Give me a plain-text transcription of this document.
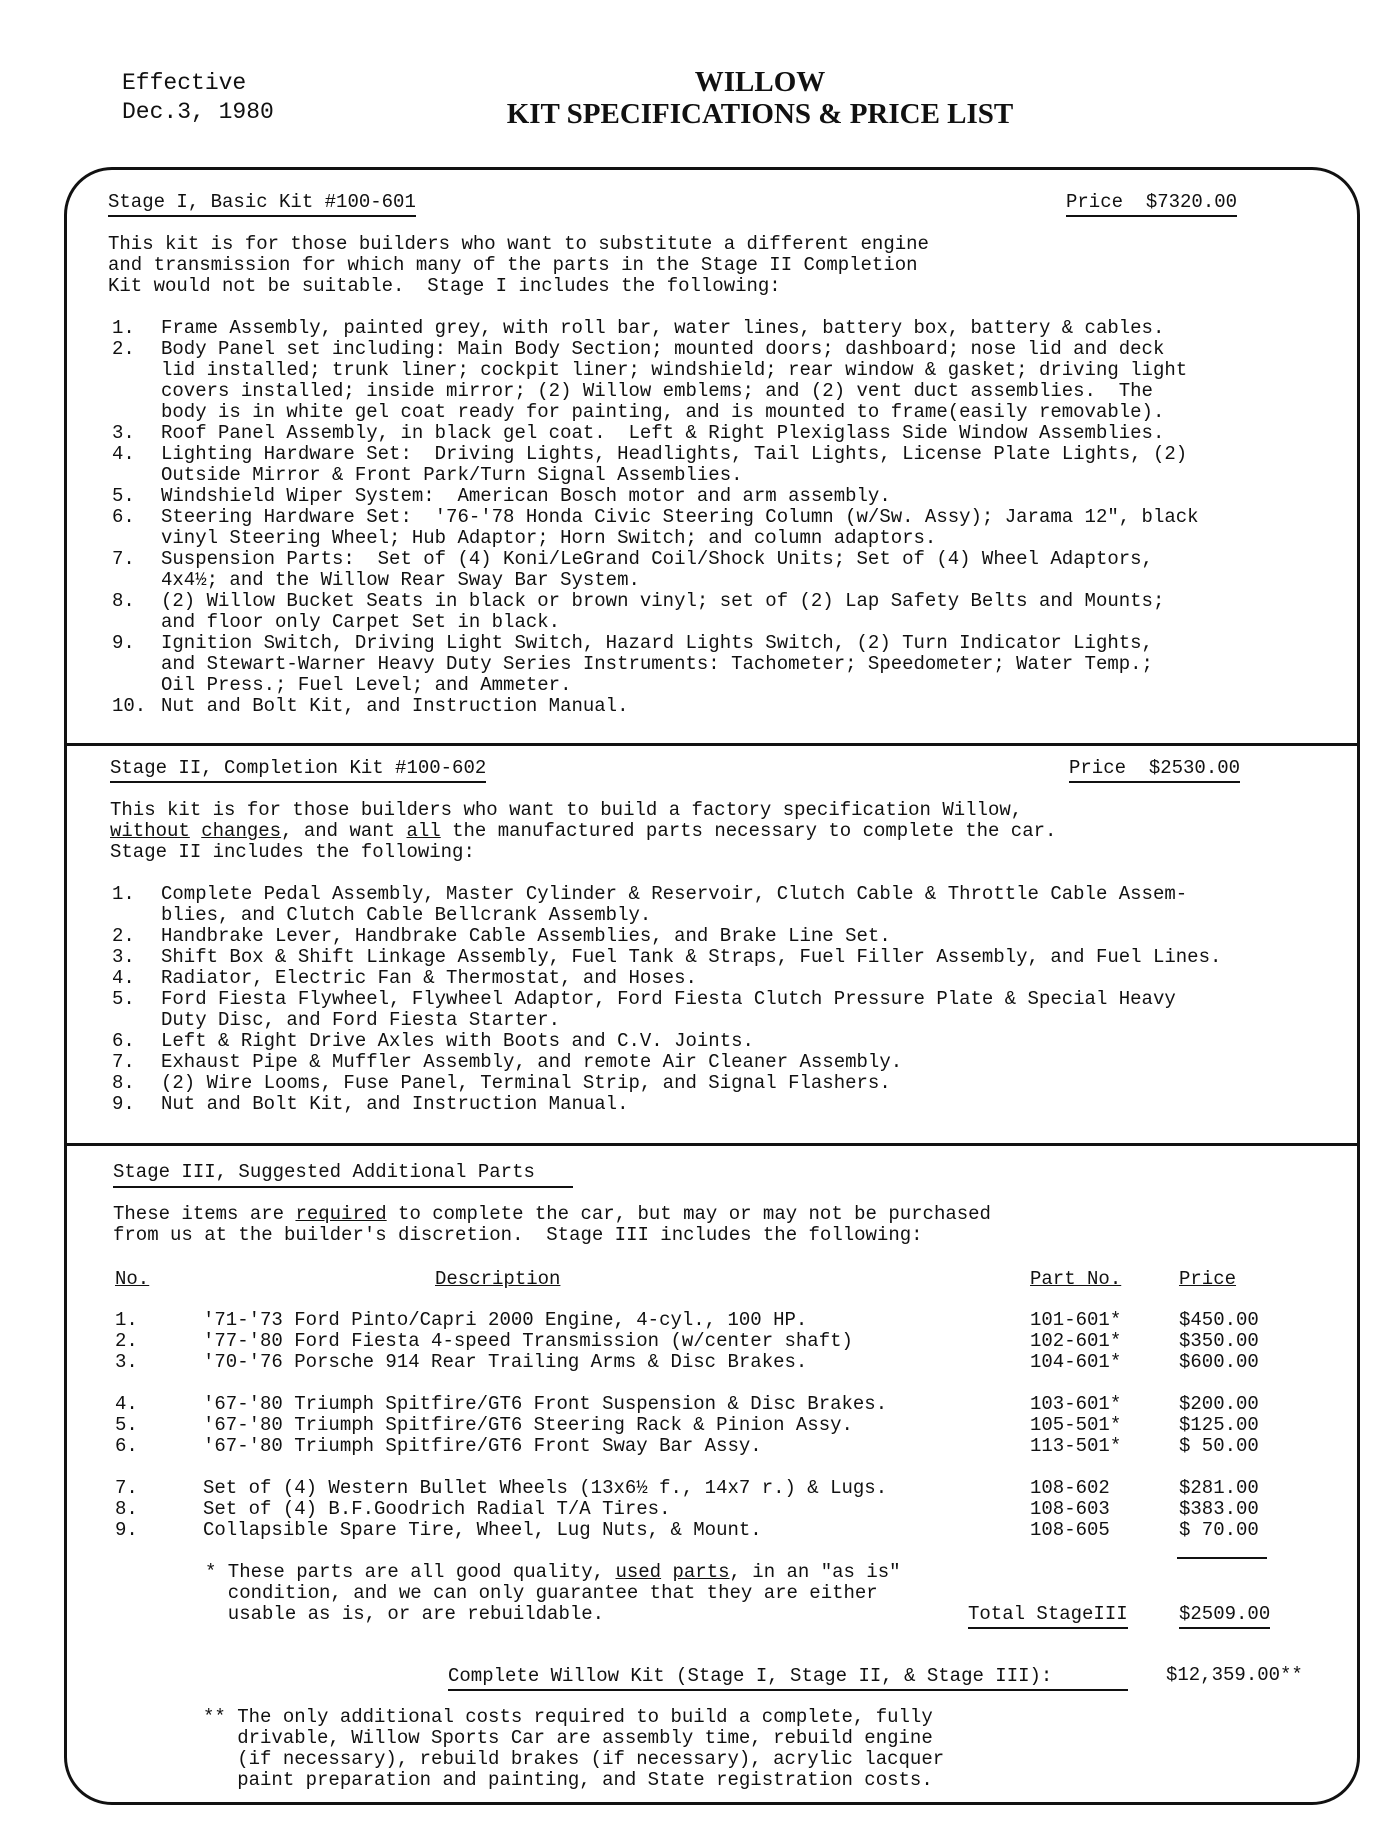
Effective
Dec.3, 1980
WILLOW
KIT SPECIFICATIONS & PRICE LIST
Stage I, Basic Kit #100-601	Price  $7320.00
This kit is for those builders who want to substitute a different engine
and transmission for which many of the parts in the Stage II Completion
Kit would not be suitable.  Stage I includes the following:
1. Frame Assembly, painted grey, with roll bar, water lines, battery box, battery & cables.
2. Body Panel set including: Main Body Section; mounted doors; dashboard; nose lid and deck
lid installed; trunk liner; cockpit liner; windshield; rear window & gasket; driving light
covers installed; inside mirror; (2) Willow emblems; and (2) vent duct assemblies.  The
body is in white gel coat ready for painting, and is mounted to frame(easily removable).
3. Roof Panel Assembly, in black gel coat.  Left & Right Plexiglass Side Window Assemblies.
4. Lighting Hardware Set:  Driving Lights, Headlights, Tail Lights, License Plate Lights, (2)
Outside Mirror & Front Park/Turn Signal Assemblies.
5. Windshield Wiper System:  American Bosch motor and arm assembly.
6. Steering Hardware Set:  '76-'78 Honda Civic Steering Column (w/Sw. Assy); Jarama 12", black
vinyl Steering Wheel; Hub Adaptor; Horn Switch; and column adaptors.
7. Suspension Parts:  Set of (4) Koni/LeGrand Coil/Shock Units; Set of (4) Wheel Adaptors,
4x4½; and the Willow Rear Sway Bar System.
8. (2) Willow Bucket Seats in black or brown vinyl; set of (2) Lap Safety Belts and Mounts;
and floor only Carpet Set in black.
9. Ignition Switch, Driving Light Switch, Hazard Lights Switch, (2) Turn Indicator Lights,
and Stewart-Warner Heavy Duty Series Instruments: Tachometer; Speedometer; Water Temp.;
Oil Press.; Fuel Level; and Ammeter.
10. Nut and Bolt Kit, and Instruction Manual.
Stage II, Completion Kit #100-602	Price  $2530.00
This kit is for those builders who want to build a factory specification Willow,
without changes, and want all the manufactured parts necessary to complete the car.
Stage II includes the following:
1. Complete Pedal Assembly, Master Cylinder & Reservoir, Clutch Cable & Throttle Cable Assem-
blies, and Clutch Cable Bellcrank Assembly.
2. Handbrake Lever, Handbrake Cable Assemblies, and Brake Line Set.
3. Shift Box & Shift Linkage Assembly, Fuel Tank & Straps, Fuel Filler Assembly, and Fuel Lines.
4. Radiator, Electric Fan & Thermostat, and Hoses.
5. Ford Fiesta Flywheel, Flywheel Adaptor, Ford Fiesta Clutch Pressure Plate & Special Heavy
Duty Disc, and Ford Fiesta Starter.
6. Left & Right Drive Axles with Boots and C.V. Joints.
7. Exhaust Pipe & Muffler Assembly, and remote Air Cleaner Assembly.
8. (2) Wire Looms, Fuse Panel, Terminal Strip, and Signal Flashers.
9. Nut and Bolt Kit, and Instruction Manual.
Stage III, Suggested Additional Parts
These items are required to complete the car, but may or may not be purchased
from us at the builder's discretion.  Stage III includes the following:
No.	Description	Part No.	Price
1.	'71-'73 Ford Pinto/Capri 2000 Engine, 4-cyl., 100 HP.	101-601*	$450.00
2.	'77-'80 Ford Fiesta 4-speed Transmission (w/center shaft)	102-601*	$350.00
3.	'70-'76 Porsche 914 Rear Trailing Arms & Disc Brakes.	104-601*	$600.00

4.	'67-'80 Triumph Spitfire/GT6 Front Suspension & Disc Brakes.	103-601*	$200.00
5.	'67-'80 Triumph Spitfire/GT6 Steering Rack & Pinion Assy.	105-501*	$125.00
6.	'67-'80 Triumph Spitfire/GT6 Front Sway Bar Assy.	113-501*	$ 50.00

7.	Set of (4) Western Bullet Wheels (13x6½ f., 14x7 r.) & Lugs.	108-602	$281.00
8.	Set of (4) B.F.Goodrich Radial T/A Tires.	108-603	$383.00
9.	Collapsible Spare Tire, Wheel, Lug Nuts, & Mount.	108-605	$ 70.00
* These parts are all good quality, used parts, in an "as is"
condition, and we can only guarantee that they are either
usable as is, or are rebuildable.	Total StageIII	$2509.00
Complete Willow Kit (Stage I, Stage II, & Stage III):	$12,359.00**
** The only additional costs required to build a complete, fully
drivable, Willow Sports Car are assembly time, rebuild engine
(if necessary), rebuild brakes (if necessary), acrylic lacquer
paint preparation and painting, and State registration costs.
